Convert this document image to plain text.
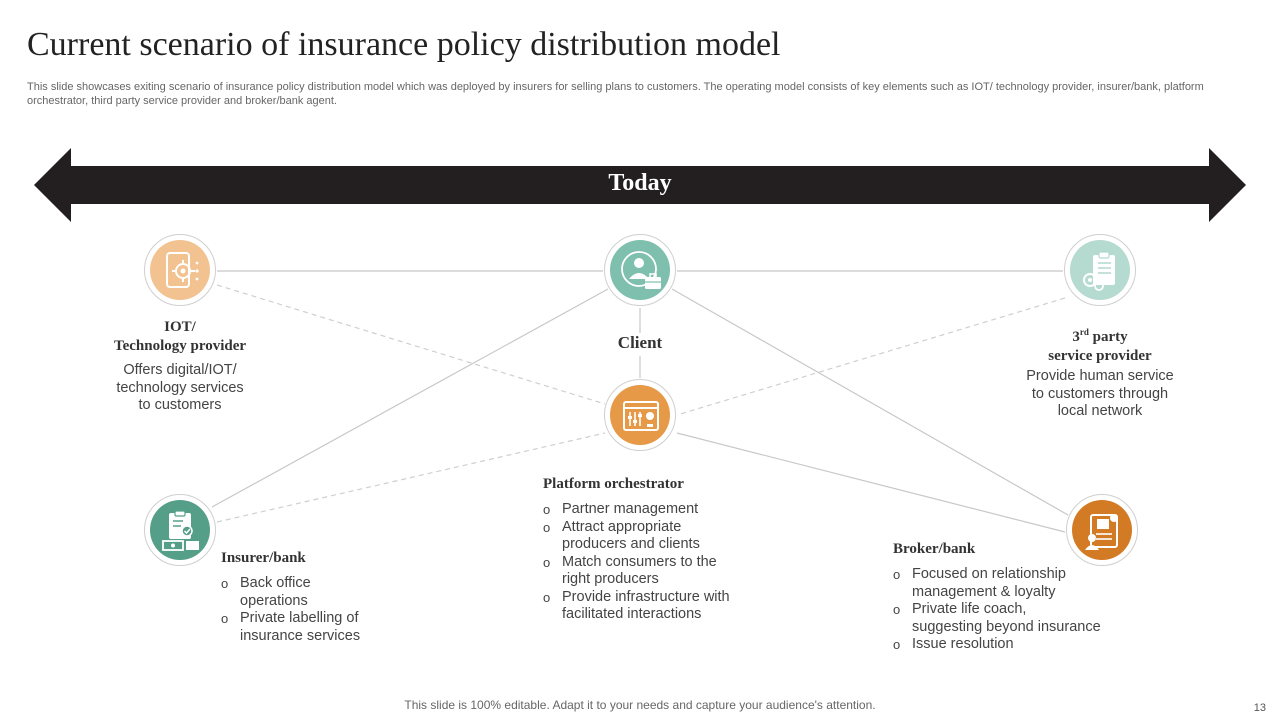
Current scenario of insurance policy distribution model

This slide showcases exiting scenario of insurance policy distribution model which was deployed by insurers for selling plans to customers. The operating model consists of key elements such as IOT/ technology provider, insurer/bank, platform orchestrator, third party service provider and broker/bank agent.

Today
IOT/
Technology provider
Offers digital/IOT/
technology services
to customers
Client	3rd party
service provider
Provide human service
to customers through
local network
Platform orchestrator
o Partner management
o Attract appropriate
producers and clients
o Match consumers to the
right producers
o Provide infrastructure with
facilitated interactions
Insurer/bank
o Back office
operations
o Private labelling of
insurance services
Broker/bank
o Focused on relationship
management & loyalty
o Private life coach,
suggesting beyond insurance
o Issue resolution
This slide is 100% editable. Adapt it to your needs and capture your audience's attention.	13
